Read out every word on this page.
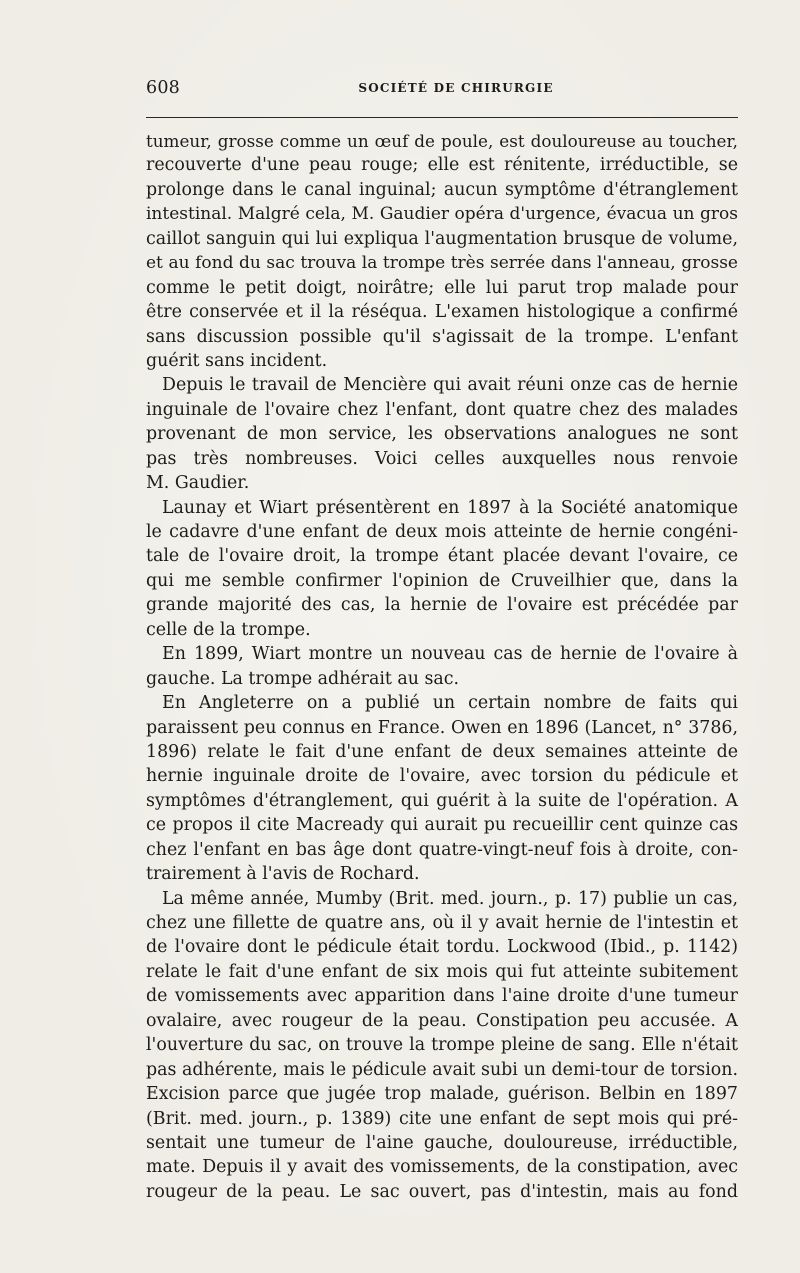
608	SOCIÉTÉ DE CHIRURGIE
tumeur, grosse comme un œuf de poule, est douloureuse au toucher,
recouverte d'une peau rouge; elle est rénitente, irréductible, se
prolonge dans le canal inguinal; aucun symptôme d'étranglement
intestinal. Malgré cela, M. Gaudier opéra d'urgence, évacua un gros
caillot sanguin qui lui expliqua l'augmentation brusque de volume,
et au fond du sac trouva la trompe très serrée dans l'anneau, grosse
comme le petit doigt, noirâtre; elle lui parut trop malade pour
être conservée et il la réséqua. L'examen histologique a confirmé
sans discussion possible qu'il s'agissait de la trompe. L'enfant
guérit sans incident.
Depuis le travail de Mencière qui avait réuni onze cas de hernie
inguinale de l'ovaire chez l'enfant, dont quatre chez des malades
provenant de mon service, les observations analogues ne sont
pas très nombreuses. Voici celles auxquelles nous renvoie
M. Gaudier.
Launay et Wiart présentèrent en 1897 à la Société anatomique
le cadavre d'une enfant de deux mois atteinte de hernie congéni-
tale de l'ovaire droit, la trompe étant placée devant l'ovaire, ce
qui me semble confirmer l'opinion de Cruveilhier que, dans la
grande majorité des cas, la hernie de l'ovaire est précédée par
celle de la trompe.
En 1899, Wiart montre un nouveau cas de hernie de l'ovaire à
gauche. La trompe adhérait au sac.
En Angleterre on a publié un certain nombre de faits qui
paraissent peu connus en France. Owen en 1896 (Lancet, n° 3786,
1896) relate le fait d'une enfant de deux semaines atteinte de
hernie inguinale droite de l'ovaire, avec torsion du pédicule et
symptômes d'étranglement, qui guérit à la suite de l'opération. A
ce propos il cite Macready qui aurait pu recueillir cent quinze cas
chez l'enfant en bas âge dont quatre-vingt-neuf fois à droite, con-
trairement à l'avis de Rochard.
La même année, Mumby (Brit. med. journ., p. 17) publie un cas,
chez une fillette de quatre ans, où il y avait hernie de l'intestin et
de l'ovaire dont le pédicule était tordu. Lockwood (Ibid., p. 1142)
relate le fait d'une enfant de six mois qui fut atteinte subitement
de vomissements avec apparition dans l'aine droite d'une tumeur
ovalaire, avec rougeur de la peau. Constipation peu accusée. A
l'ouverture du sac, on trouve la trompe pleine de sang. Elle n'était
pas adhérente, mais le pédicule avait subi un demi-tour de torsion.
Excision parce que jugée trop malade, guérison. Belbin en 1897
(Brit. med. journ., p. 1389) cite une enfant de sept mois qui pré-
sentait une tumeur de l'aine gauche, douloureuse, irréductible,
mate. Depuis il y avait des vomissements, de la constipation, avec
rougeur de la peau. Le sac ouvert, pas d'intestin, mais au fond
